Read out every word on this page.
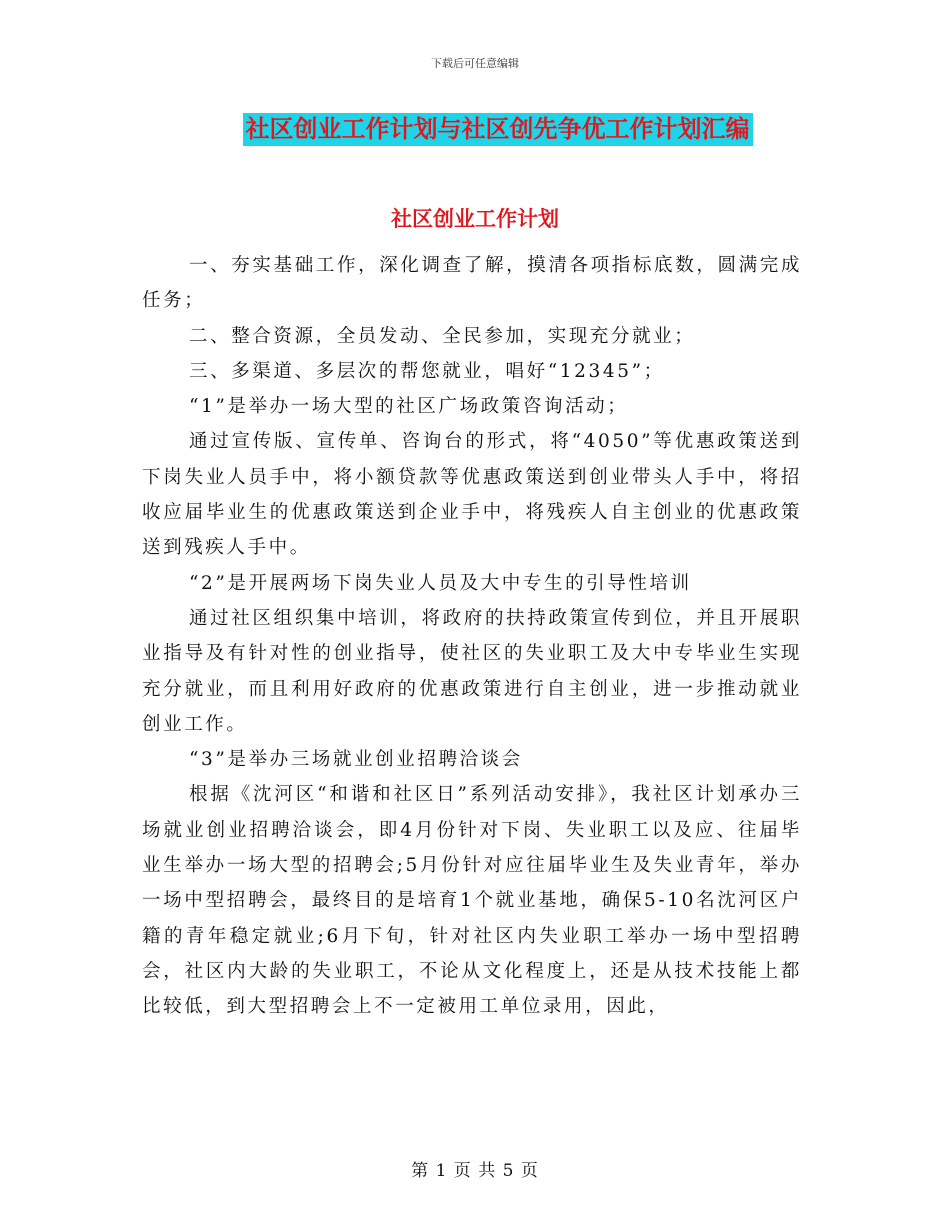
下载后可任意编辑
社区创业工作计划与社区创先争优工作计划汇编
社区创业工作计划

一、夯实基础工作，深化调查了解，摸清各项指标底数，圆满完成任务；

二、整合资源，全员发动、全民参加，实现充分就业；

三、多渠道、多层次的帮您就业，唱好“12345”；

“1”是举办一场大型的社区广场政策咨询活动；

通过宣传版、宣传单、咨询台的形式，将“4050”等优惠政策送到下岗失业人员手中，将小额贷款等优惠政策送到创业带头人手中，将招收应届毕业生的优惠政策送到企业手中，将残疾人自主创业的优惠政策送到残疾人手中。

“2”是开展两场下岗失业人员及大中专生的引导性培训

通过社区组织集中培训，将政府的扶持政策宣传到位，并且开展职业指导及有针对性的创业指导，使社区的失业职工及大中专毕业生实现充分就业，而且利用好政府的优惠政策进行自主创业，进一步推动就业创业工作。

“3”是举办三场就业创业招聘洽谈会

根据《沈河区“和谐和社区日”系列活动安排》，我社区计划承办三场就业创业招聘洽谈会，即4月份针对下岗、失业职工以及应、往届毕业生举办一场大型的招聘会;5月份针对应往届毕业生及失业青年，举办一场中型招聘会，最终目的是培育1个就业基地，确保5-10名沈河区户籍的青年稳定就业;6月下旬，针对社区内失业职工举办一场中型招聘会，社区内大龄的失业职工，不论从文化程度上，还是从技术技能上都比较低，到大型招聘会上不一定被用工单位录用，因此，

第 1 页 共 5 页
